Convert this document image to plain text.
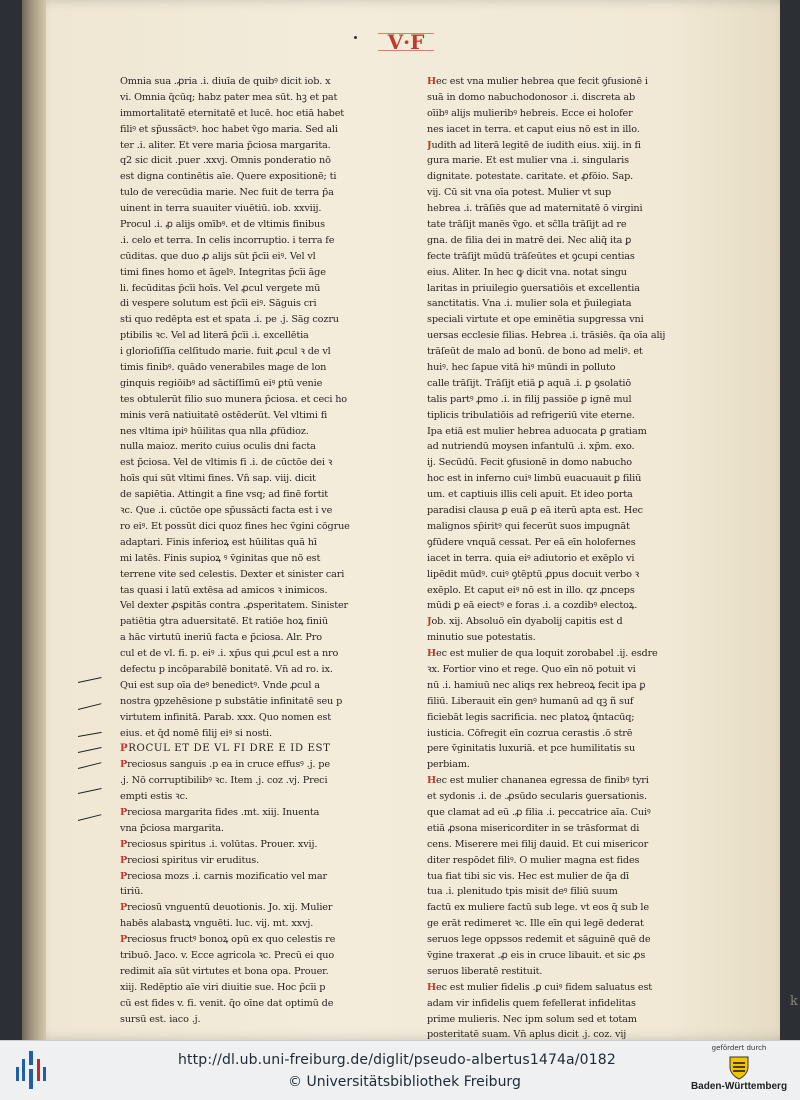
V·F
Omnia sua .ꝓria .i. diuīa de quibꝰ dicit iob. x
vi. Omnia q̄cūq; habz pater mea sūt. hꝫ et pat
immortalitatē eternitatē et lucē. hoc etiā habet
filiꝰ et sp̄ussāctꝰ. hoc habet v̄go maria. Sed ali
ter .i. aliter. Et vere maria p̄ciosa margarita.
q2 sic dicit .puer .xxvj. Omnis ponderatio nō
est digna continētis aīe. Quere expositionē; ti
tulo de verecūdia marie. Nec fuit de terra p̄a
uinent in terra suauiter viuētiū. iob. xxviij.
Procul .i. ꝓ alijs omībꝰ. et de vltimis finibus
.i. celo et terra. In celis incorruptio. i terra fe
cūditas. que duo ꝓ alijs sūt p̄cīi eiꝰ. Vel vl
timi fines homo et āgelꝰ. Integritas p̄cīi āge
li. fecūditas p̄cīi hoīs. Vel ꝓcul vergete mū
di vespere solutum est p̄cīi eiꝰ. Sāguis cri
sti quo redēpta est et spata .i. pe .j. Sāg cozru
ptibilis ꝛc. Vel ad literā p̄cīi .i. excellētia
i glorioſiſſīa celſitudo marie. fuit ꝓcul ꝛ de vl
timis finibꝰ. quādo venerabiles mage de lon
ginquis regiōibꝰ ad sāctiſſimū eiꝰ ꝑtū venie
tes obtulerūt filio suo munera p̄ciosa. et ceci ho
minis verā natiuitatē ostēderūt. Vel vltimi fi
nes vltima ipiꝰ hūilitas qua nlla ꝓfūdioz.
nulla maioz. merito cuius oculis dni facta
est p̄ciosa. Vel de vltimis fi .i. de cūctōe dei ꝛ
hoīs qui sūt vltimi fines. Vn̄ sap. viij. dicit
de sapiētia. Attingit a fine vsq; ad finē fortit
ꝛc. Que .i. cūctōe ope sp̄ussācti facta est i ve
ro eiꝰ. Et possūt dici quoz fines hec v̄gini cōgrue
adaptari. Finis inferioꝝ est hūilitas quā hī
mi latēs. Finis supioꝝ ꝰ v̄ginitas que nō est
terrene vite sed celestis. Dexter et sinister cari
tas quasi i latū extēsa ad amicos ꝛ inimicos.
Vel dexter ꝓsꝑitās contra .ꝓsperitatem. Sinister
patiētia ꝯtra aduersitatē. Et ratiōe hoꝝ finiū
a hāc virtutū ineriū facta e p̄ciosa. Alr. Pro
cul et de vl. fi. p. eiꝰ .i. xp̄us qui ꝓcul est a nro
defectu p incōparabilē bonitatē. Vn̄ ad ro. ix.
Qui est sup oīa deꝰ benedictꝰ. Vnde ꝓcul a
nostra ꝯpzehēsione p substātie infinitatē seu p
virtutem infinitā. Parab. xxx. Quo nomen est
eius. et q̄d nomē filij eiꝰ si nosti.
PROCUL ET DE VL FI DRE E ID EST
Preciosus sanguis .p ea in cruce effusꝰ .j. pe
.j. Nō corruptibilibꝰ ꝛc. Item .j. coz .vj. Preci
empti estis ꝛc.
Preciosa margarita fides .mt. xiij. Inuenta
vna p̄ciosa margarita.
Preciosus spiritus .i. volūtas. Prouer. xvij.
Preciosi spiritus vir eruditus.
Preciosa mozs .i. carnis mozificatio vel mar
tiriū.
Preciosū vnguentū deuotionis. Jo. xij. Mulier
habēs alabastꝝ vnguēti. luc. vij. mt. xxvj.
Preciosus fructꝰ bonoꝝ opū ex quo celestis re
tribuō. Jaco. v. Ecce agricola ꝛc. Precū ei quo
redimit aīa sūt virtutes et bona opa. Prouer.
xiij. Redēptio aīe viri diuitie sue. Hoc p̄cīi p
cū est fides v. fi. venit. q̄o oīne dat optimū de
sursū est. iaco .j.
Hec est vna mulier hebrea que fecit ꝯfusionē i
suā in domo nabuchodonosor .i. discreta ab
oīibꝰ alijs mulieribꝰ hebreis. Ecce ei holofer
nes iacet in terra. et caput eius nō est in illo.
Judith ad literā legitē de iudith eius. xiij. in fi
gura marie. Et est mulier vna .i. singularis
dignitate. potestate. caritate. et ꝓfōio. Sap.
vij. Cū sit vna oīa potest. Mulier vt sup
hebrea .i. trāſiēs que ad maternitatē ō virgini
tate trāſijt manēs v̄go. et sc̄lla trāſijt ad re
gna. de filia dei in matrē dei. Nec aliq̄ ita ꝑ
fecte trāſijt mūdū trāſeūtes et ꝯcupi centias
eius. Aliter. In hec ꝙ dicit vna. notat singu
laritas in priuilegio ꝯuersatiōis et excellentia
sanctitatis. Vna .i. mulier sola et p̄uilegiata
speciali virtute et ope eminētia supgressa vni
uersas ecclesie filias. Hebrea .i. trāsiēs. q̄a oīa alij
trāſeūt de malo ad bonū. de bono ad meliꝰ. et
huiꝰ. hec ſapue vitā hiꝰ mūndi in polluto
calle trāſijt. Trāſijt etiā ꝑ aquā .i. ꝑ ꝯsolatiō
talis partꝰ ꝓmo .i. in filij passiōe ꝑ ignē mul
tiplicis tribulatiōis ad refrigeriū vite eterne.
Ipa etiā est mulier hebrea aduocata ꝑ gratiam
ad nutriendū moysen infantulū .i. xp̄m. exo.
ij. Secūdū. Fecit ꝯfusionē in domo nabucho
hoc est in inferno cuiꝰ limbū euacuauit ꝑ filiū
um. et captiuis illis celi apuit. Et ideo porta
paradisi clausa ꝑ euā ꝑ eā iterū apta est. Hec
malignos sp̄iritꝰ qui fecerūt suos impugnāt
ꝯfūdere vnquā cessat. Per eā eīn holofernes
iacet in terra. quia eiꝰ adiutorio et exēplo vi
lipēdit mūdꝰ. cuiꝰ ꝯtēptū ꝓpus docuit verbo ꝛ
exēplo. Et caput eiꝰ nō est in illo. qz ꝓnceps
mūdi ꝑ eā eiectꝰ e foras .i. a cozdibꝰ electoꝝ.
Job. xij. Absoluō eīn dyabolij capitis est d
minutio sue potestatis.
Hec est mulier de qua loquit zorobabel .ij. esdre
ꝛx. Fortior vino et rege. Quo eīn nō potuit vi
nū .i. hamiuū nec aliqs rex hebreoꝝ fecit ipa ꝑ
filiū. Liberauit eīn genꝰ humanū ad qꝫ ñ suf
ficiebāt legis sacrificia. nec platoꝝ q̄ntacūq;
iusticia. Cōfregit eīn cozrua cerastis .ō strē
pere v̄ginitatis luxuriā. et pce humilitatis su
perbiam.
Hec est mulier chananea egressa de finibꝰ tyri
et sydonis .i. de .ꝓsūdo secularis ꝯuersationis.
que clamat ad eū .ꝓ filia .i. peccatrice aīa. Cuiꝰ
etiā ꝓsona misericorditer in se trāsformat di
cens. Miserere mei filij dauid. Et cui misericor
diter respōdet filiꝰ. O mulier magna est fides
tua fiat tibi sic vis. Hec est mulier de q̄a dī
tua .i. plenitudo tpis misit deꝰ filiū suum
factū ex muliere factū sub lege. vt eos q̄ sub le
ge erāt redimeret ꝛc. Ille eīn qui legē dederat
seruos lege oppssos redemit et sāguinē quē de
v̄gine traxerat .ꝓ eis in cruce libauit. et sic ꝓs
seruos liberatē restituit.
Hec est mulier fidelis .ꝑ cuiꝰ fidem saluatus est
adam vir infidelis quem fefellerat infidelitas
prime mulieris. Nec ipm solum sed et totam
posteritatē suam. Vn̄ aplus dicit .j. coz. vij
k
http://dl.ub.uni-freiburg.de/diglit/pseudo-albertus1474a/0182
© Universitätsbibliothek Freiburg
gefördert durch
Baden-Württemberg
